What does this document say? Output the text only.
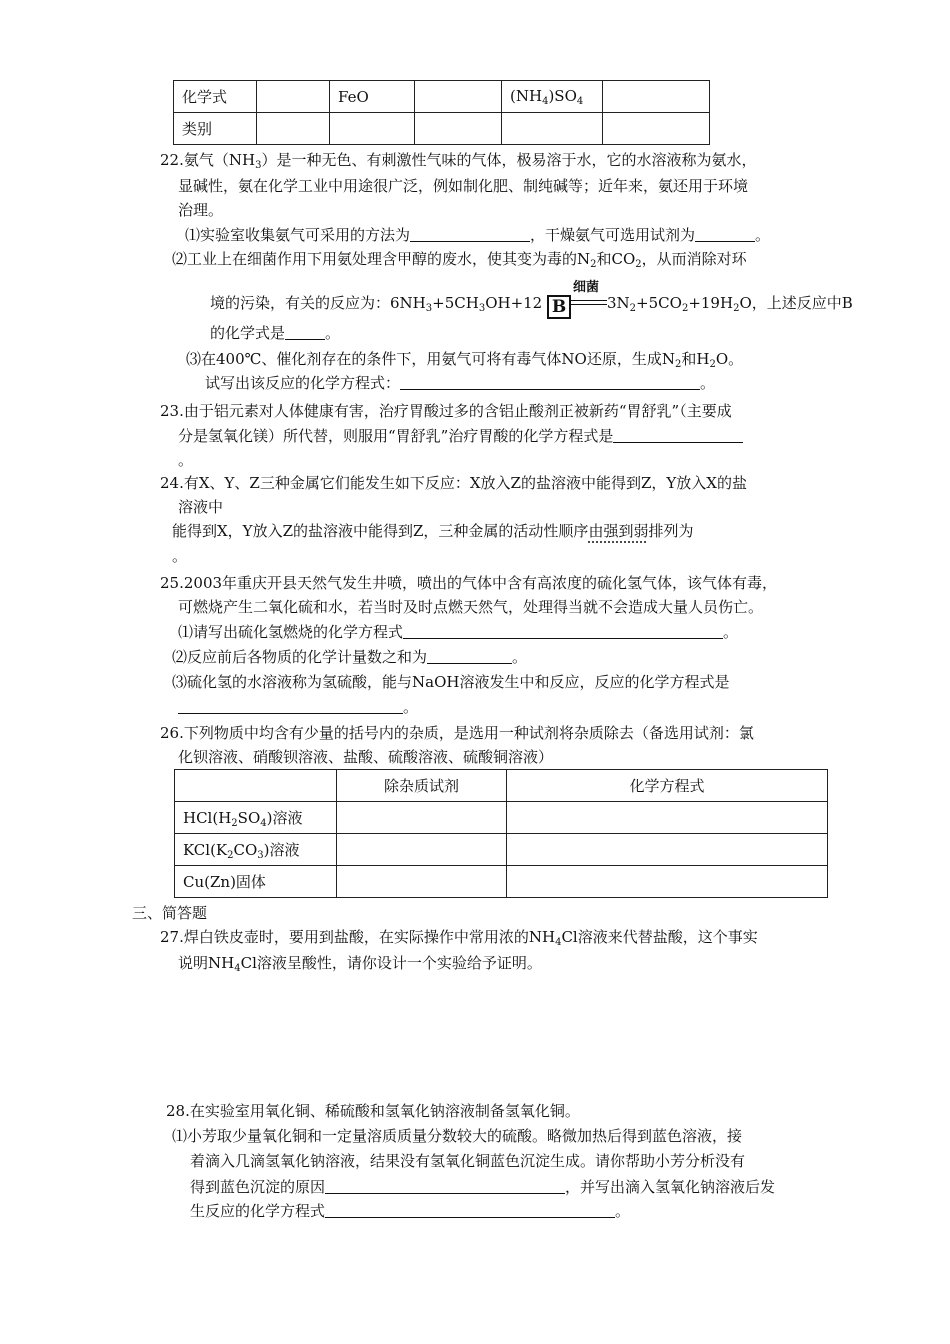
化学式		FeO		$(NH_4)SO_4$	
类别					
22.氨气$(NH_3)$是一种无色、有刺激性气味的气体，极易溶于水，它的水溶液称为氨水，
显碱性，氨在化学工业中用途很广泛，例如制化肥、制纯碱等；近年来，氨还用于环境
治理。
⑴实验室收集氨气可采用的方法为	，干燥氨气可选用试剂为	。
⑵工业上在细菌作用下用氨处理含甲醇的废水，使其变为毒的$N_2$和$CO_2$，从而消除对环
境的污染，有关的反应为：$6NH_3+5CH_3OH+12$ B
细菌
$3N_2+5CO_2+19H_2O$，上述反应中B
的化学式是	。
⑶在400℃、催化剂存在的条件下，用氨气可将有毒气体NO还原，生成$N_2$和$H_2O$。
试写出该反应的化学方程式：	。
23.由于铝元素对人体健康有害，治疗胃酸过多的含铝止酸剂正被新药“胃舒乳”（主要成
分是氢氧化镁）所代替，则服用“胃舒乳”治疗胃酸的化学方程式是
。
24.有X、Y、Z三种金属它们能发生如下反应：X放入Z的盐溶液中能得到Z，Y放入X的盐
溶液中
能得到X，Y放入Z的盐溶液中能得到Z，三种金属的活动性顺序由强到弱排列为
。
25.2003年重庆开县天然气发生井喷，喷出的气体中含有高浓度的硫化氢气体，该气体有毒，
可燃烧产生二氧化硫和水，若当时及时点燃天然气，处理得当就不会造成大量人员伤亡。
⑴请写出硫化氢燃烧的化学方程式	。
⑵反应前后各物质的化学计量数之和为	。
⑶硫化氢的水溶液称为氢硫酸，能与NaOH溶液发生中和反应，反应的化学方程式是
。
26.下列物质中均含有少量的括号内的杂质，是选用一种试剂将杂质除去（备选用试剂：氯
化钡溶液、硝酸钡溶液、盐酸、硫酸溶液、硫酸铜溶液）
	除杂质试剂	化学方程式
$HCl(H_2SO_4)$溶液		
$KCl(K_2CO_3)$溶液		
Cu(Zn)固体		
三、简答题
27.焊白铁皮壶时，要用到盐酸，在实际操作中常用浓的$NH_4Cl$溶液来代替盐酸，这个事实
说明$NH_4Cl$溶液呈酸性，请你设计一个实验给予证明。
28.在实验室用氧化铜、稀硫酸和氢氧化钠溶液制备氢氧化铜。
⑴小芳取少量氧化铜和一定量溶质质量分数较大的硫酸。略微加热后得到蓝色溶液，接
着滴入几滴氢氧化钠溶液，结果没有氢氧化铜蓝色沉淀生成。请你帮助小芳分析没有
得到蓝色沉淀的原因	，并写出滴入氢氧化钠溶液后发
生反应的化学方程式	。
